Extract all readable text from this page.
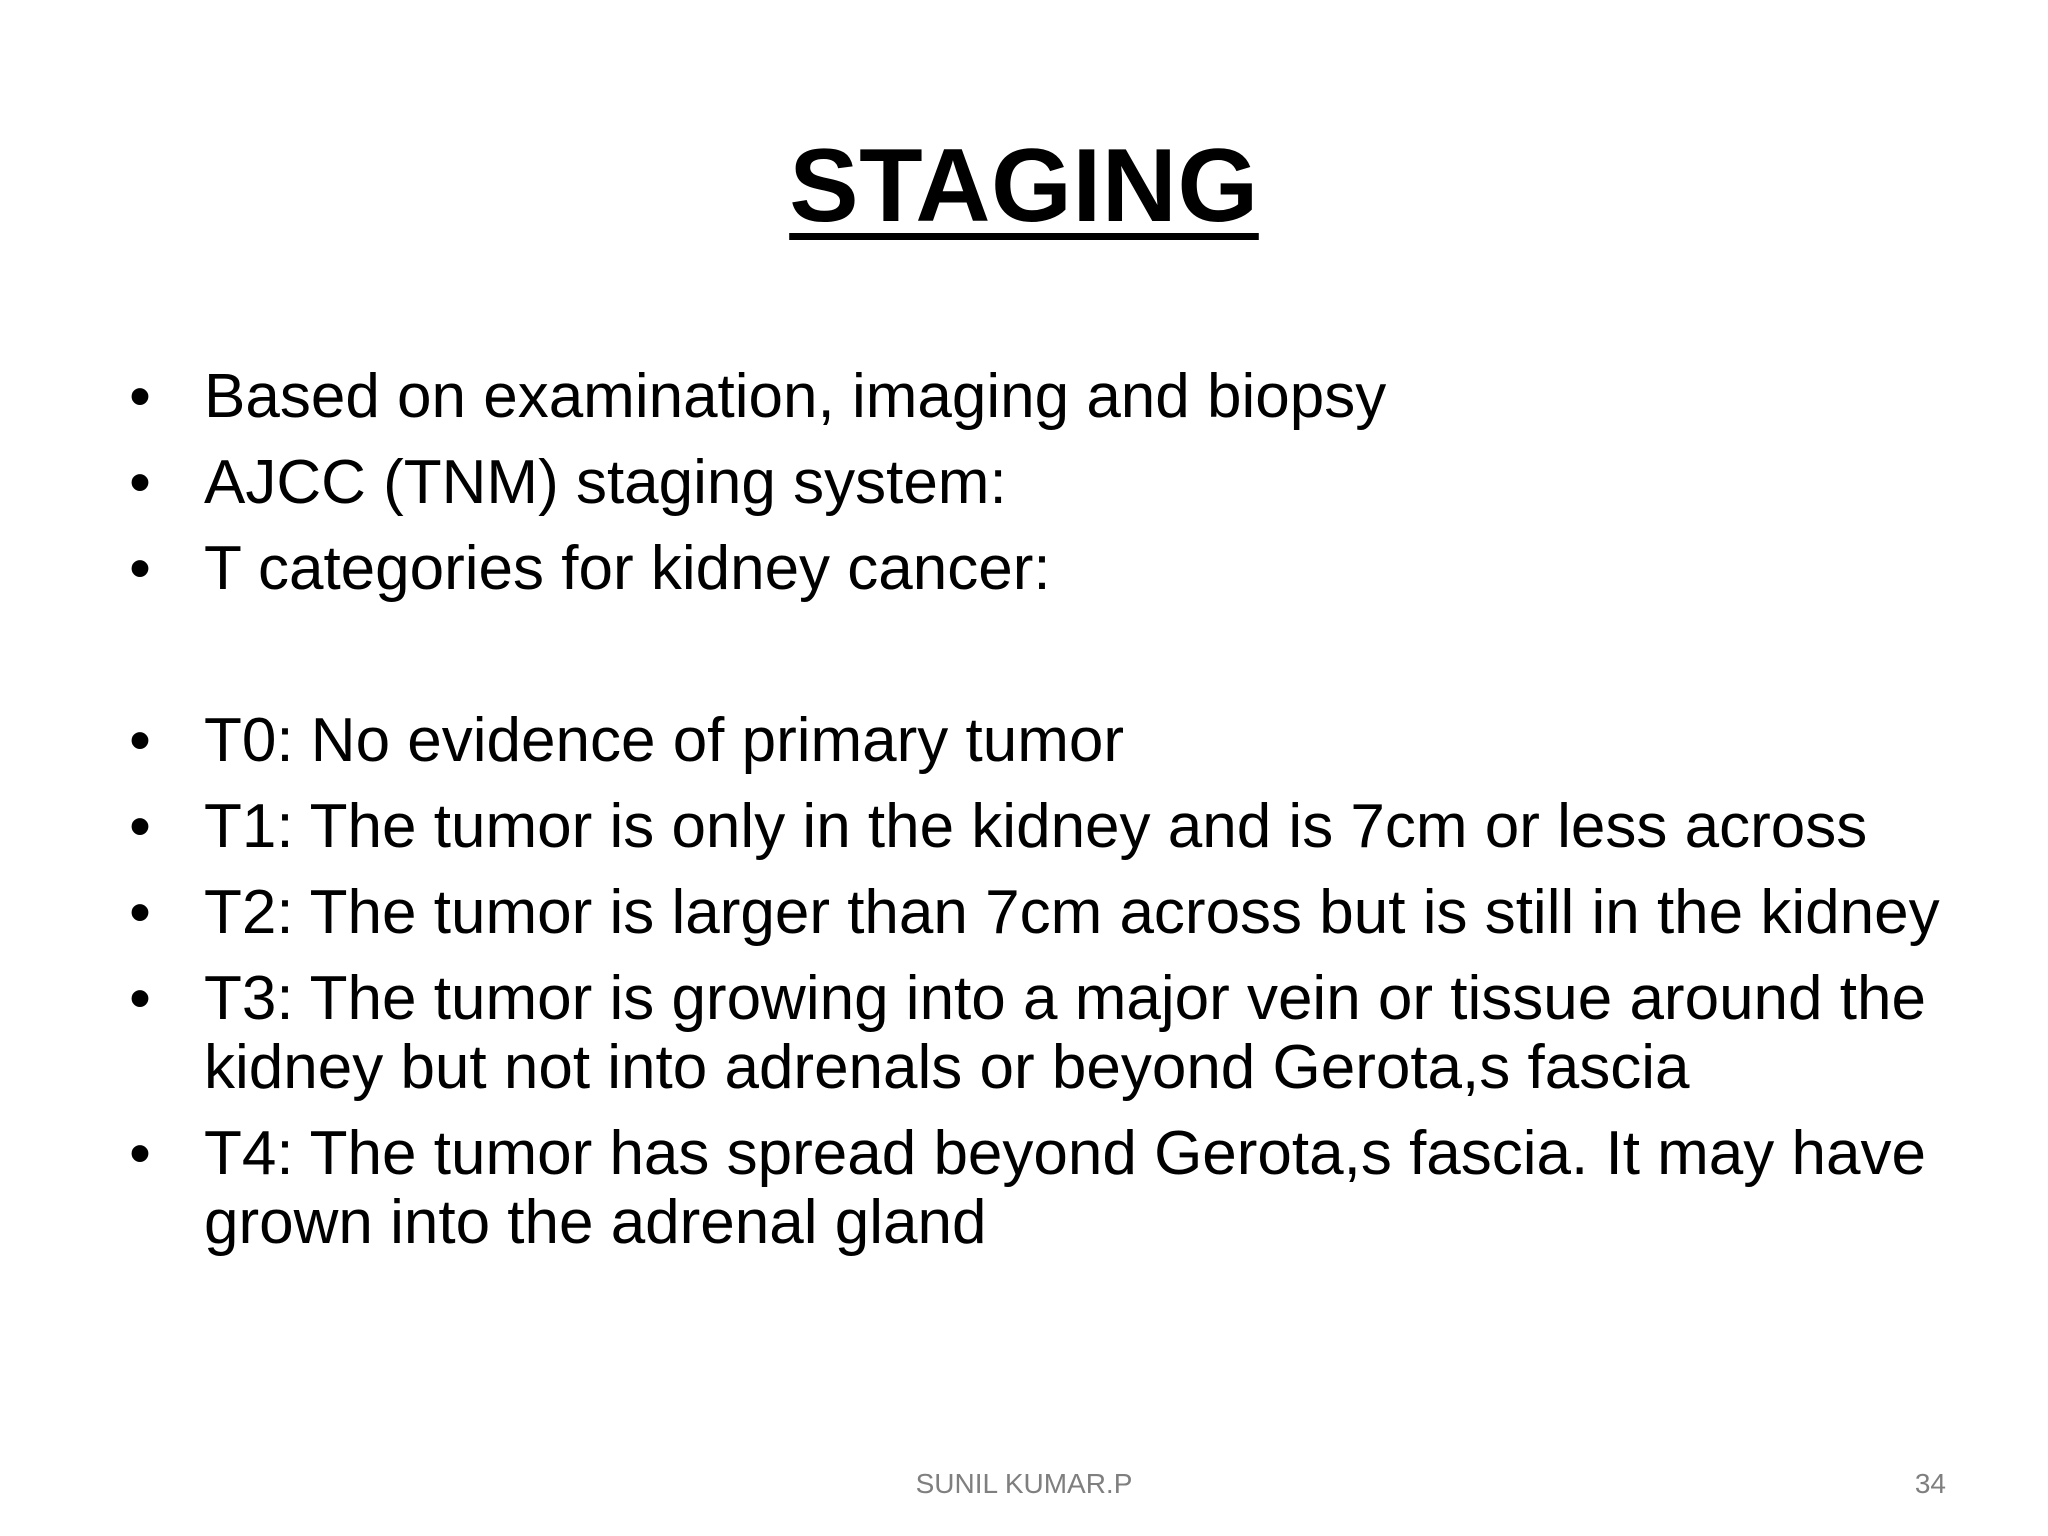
STAGING
• Based on examination, imaging and biopsy
• AJCC (TNM) staging system:
• T categories for kidney cancer:
• T0: No evidence of primary tumor
• T1: The tumor is only in the kidney and is 7cm or less across
• T2: The tumor is larger than 7cm across but is still in the kidney
• T3: The tumor is growing into a major vein or tissue around the kidney but not into adrenals or beyond Gerota,s fascia
• T4: The tumor has spread beyond Gerota,s fascia. It may have grown into the adrenal gland
SUNIL KUMAR.P	34
